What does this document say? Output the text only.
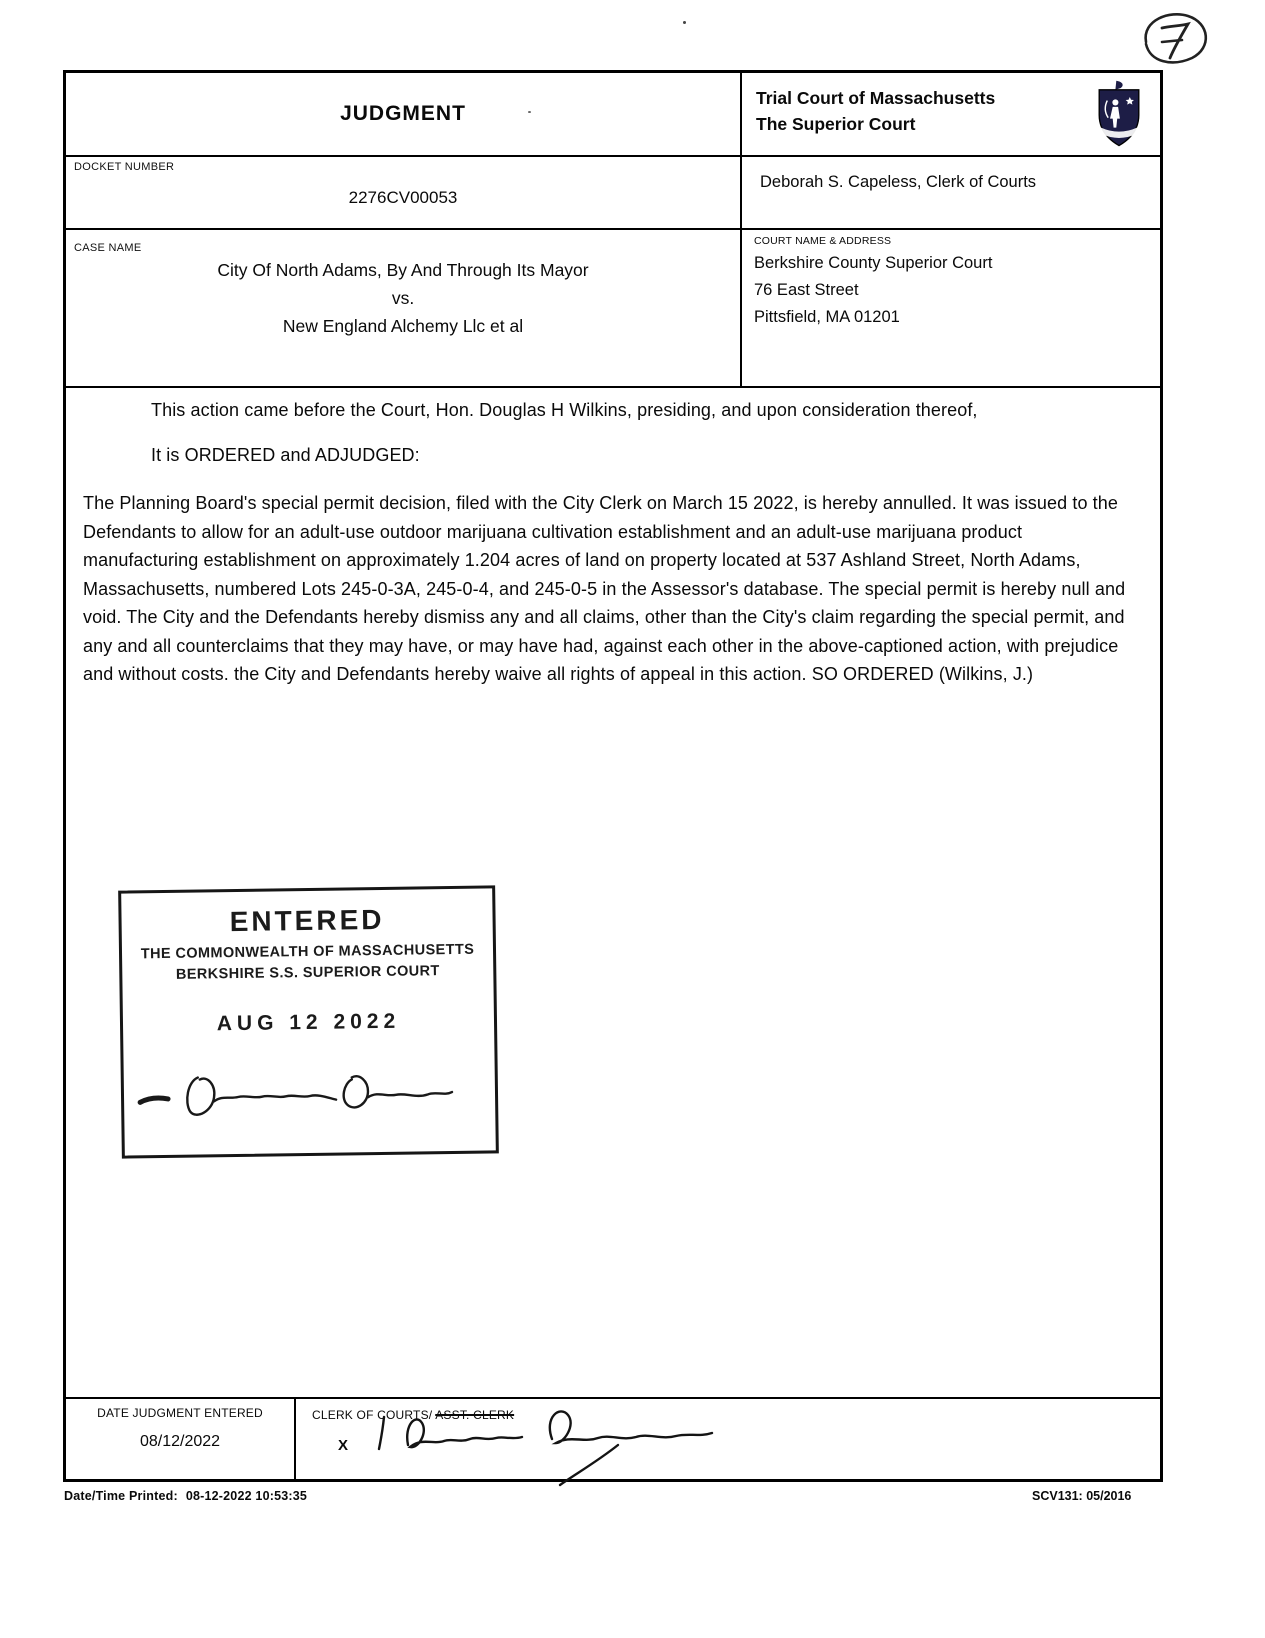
JUDGMENT
Trial Court of Massachusetts
The Superior Court
DOCKET NUMBER
2276CV00053
Deborah S. Capeless, Clerk of Courts
CASE NAME
City Of North Adams, By And Through Its Mayor
vs.
New England Alchemy Llc et al
COURT NAME & ADDRESS
Berkshire County Superior Court
76 East Street
Pittsfield, MA 01201

This action came before the Court, Hon. Douglas H Wilkins, presiding, and upon consideration thereof,

It is ORDERED and ADJUDGED:

The Planning Board's special permit decision, filed with the City Clerk on March 15 2022, is hereby annulled. It was issued to the Defendants to allow for an adult-use outdoor marijuana cultivation establishment and an adult-use marijuana product manufacturing establishment on approximately 1.204 acres of land on property located at 537 Ashland Street, North Adams, Massachusetts, numbered Lots 245-0-3A, 245-0-4, and 245-0-5 in the Assessor's database. The special permit is hereby null and void. The City and the Defendants hereby dismiss any and all claims, other than the City's claim regarding the special permit, and any and all counterclaims that they may have, or may have had, against each other in the above-captioned action, with prejudice and without costs. the City and Defendants hereby waive all rights of appeal in this action. SO ORDERED (Wilkins, J.)

DATE JUDGMENT ENTERED
08/12/2022
CLERK OF COURTS/ ASST. CLERK
X
ENTERED
THE COMMONWEALTH OF MASSACHUSETTS
BERKSHIRE S.S. SUPERIOR COURT
AUG 12 2022
Date/Time Printed: 08-12-2022 10:53:35	SCV131: 05/2016
